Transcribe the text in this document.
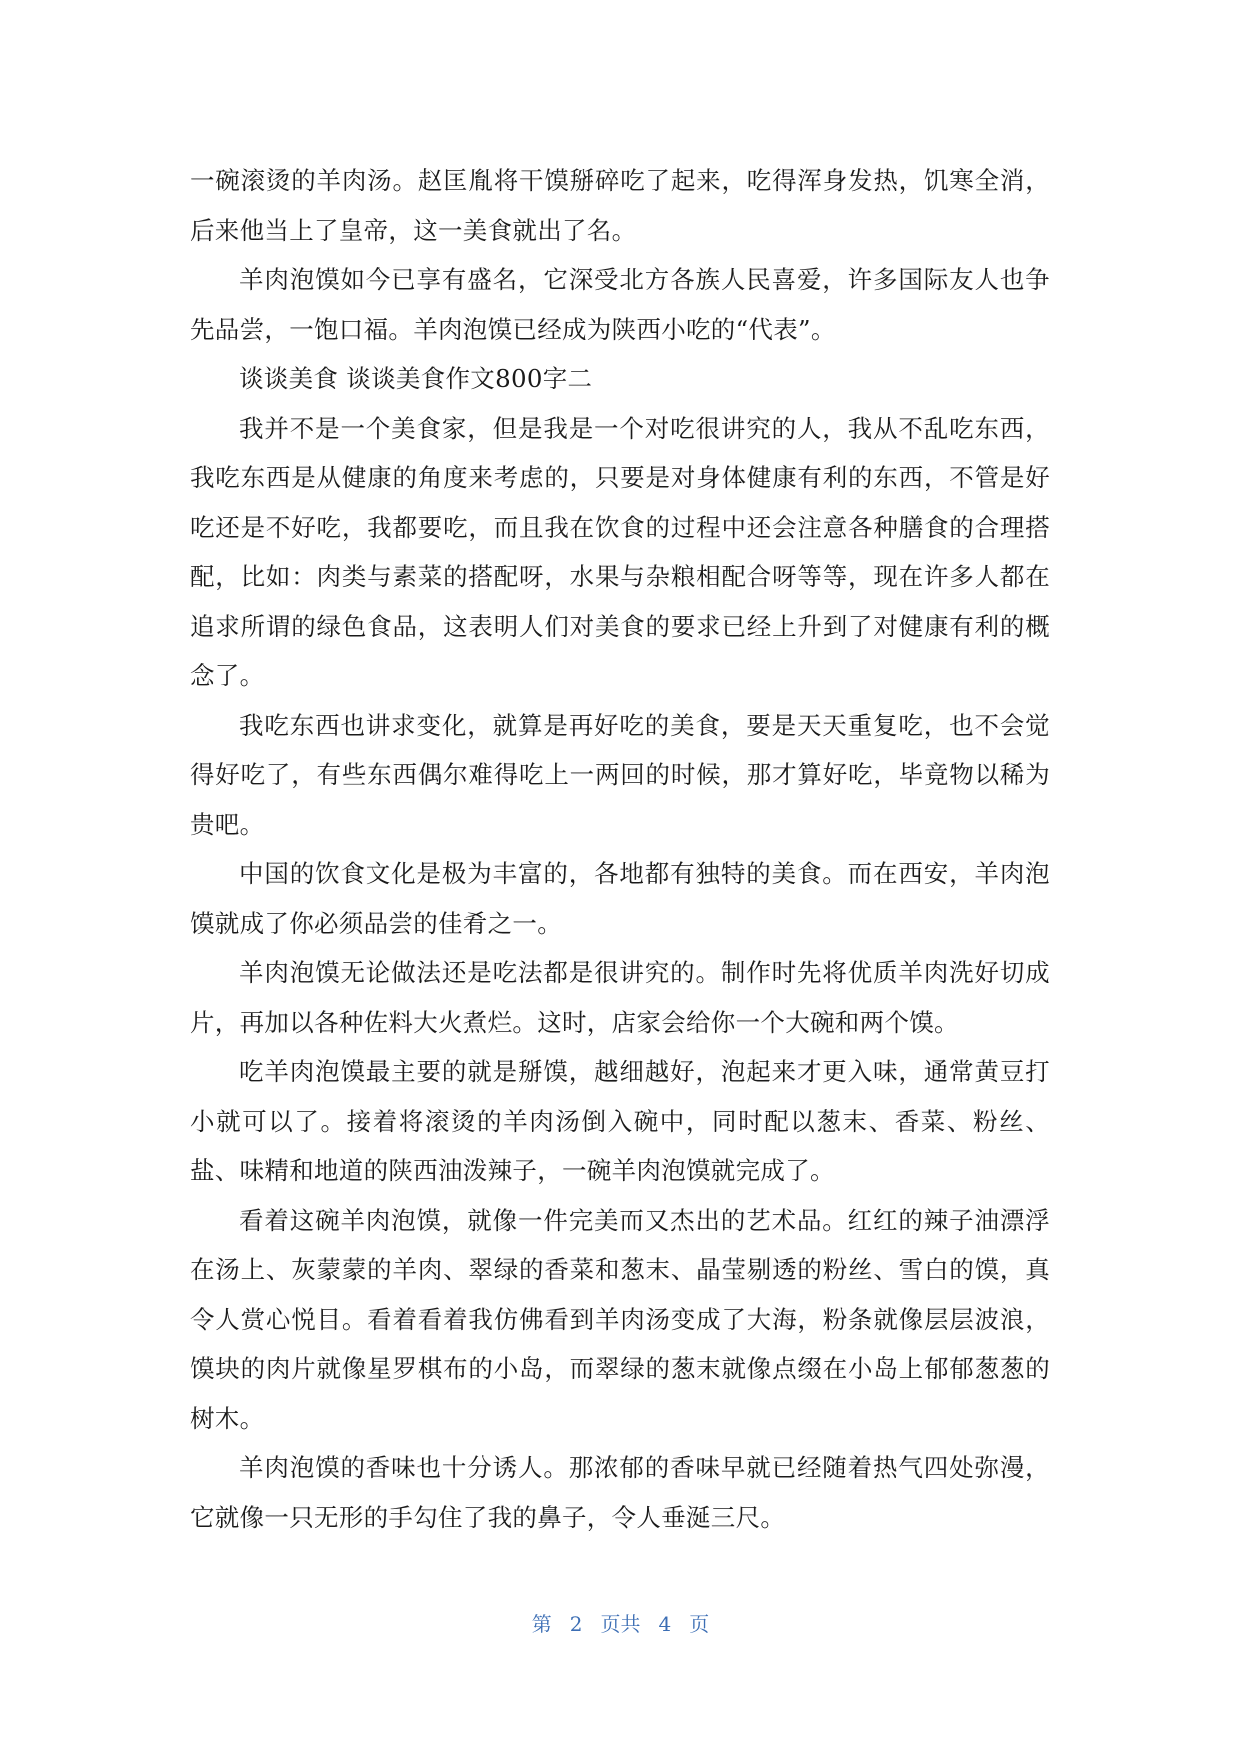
一碗滚烫的羊肉汤。赵匡胤将干馍掰碎吃了起来，吃得浑身发热，饥寒全消，后来他当上了皇帝，这一美食就出了名。

羊肉泡馍如今已享有盛名，它深受北方各族人民喜爱，许多国际友人也争先品尝，一饱口福。羊肉泡馍已经成为陕西小吃的“代表”。

谈谈美食 谈谈美食作文800字二

我并不是一个美食家，但是我是一个对吃很讲究的人，我从不乱吃东西，我吃东西是从健康的角度来考虑的，只要是对身体健康有利的东西，不管是好吃还是不好吃，我都要吃，而且我在饮食的过程中还会注意各种膳食的合理搭配，比如：肉类与素菜的搭配呀，水果与杂粮相配合呀等等，现在许多人都在追求所谓的绿色食品，这表明人们对美食的要求已经上升到了对健康有利的概念了。

我吃东西也讲求变化，就算是再好吃的美食，要是天天重复吃，也不会觉得好吃了，有些东西偶尔难得吃上一两回的时候，那才算好吃，毕竟物以稀为贵吧。

中国的饮食文化是极为丰富的，各地都有独特的美食。而在西安，羊肉泡馍就成了你必须品尝的佳肴之一。

羊肉泡馍无论做法还是吃法都是很讲究的。制作时先将优质羊肉洗好切成片，再加以各种佐料大火煮烂。这时，店家会给你一个大碗和两个馍。

吃羊肉泡馍最主要的就是掰馍，越细越好，泡起来才更入味，通常黄豆打小就可以了。接着将滚烫的羊肉汤倒入碗中，同时配以葱末、香菜、粉丝、盐、味精和地道的陕西油泼辣子，一碗羊肉泡馍就完成了。

看着这碗羊肉泡馍，就像一件完美而又杰出的艺术品。红红的辣子油漂浮在汤上、灰蒙蒙的羊肉、翠绿的香菜和葱末、晶莹剔透的粉丝、雪白的馍，真令人赏心悦目。看着看着我仿佛看到羊肉汤变成了大海，粉条就像层层波浪，馍块的肉片就像星罗棋布的小岛，而翠绿的葱末就像点缀在小岛上郁郁葱葱的树木。

羊肉泡馍的香味也十分诱人。那浓郁的香味早就已经随着热气四处弥漫，它就像一只无形的手勾住了我的鼻子，令人垂涎三尺。

第 2 页共 4 页
